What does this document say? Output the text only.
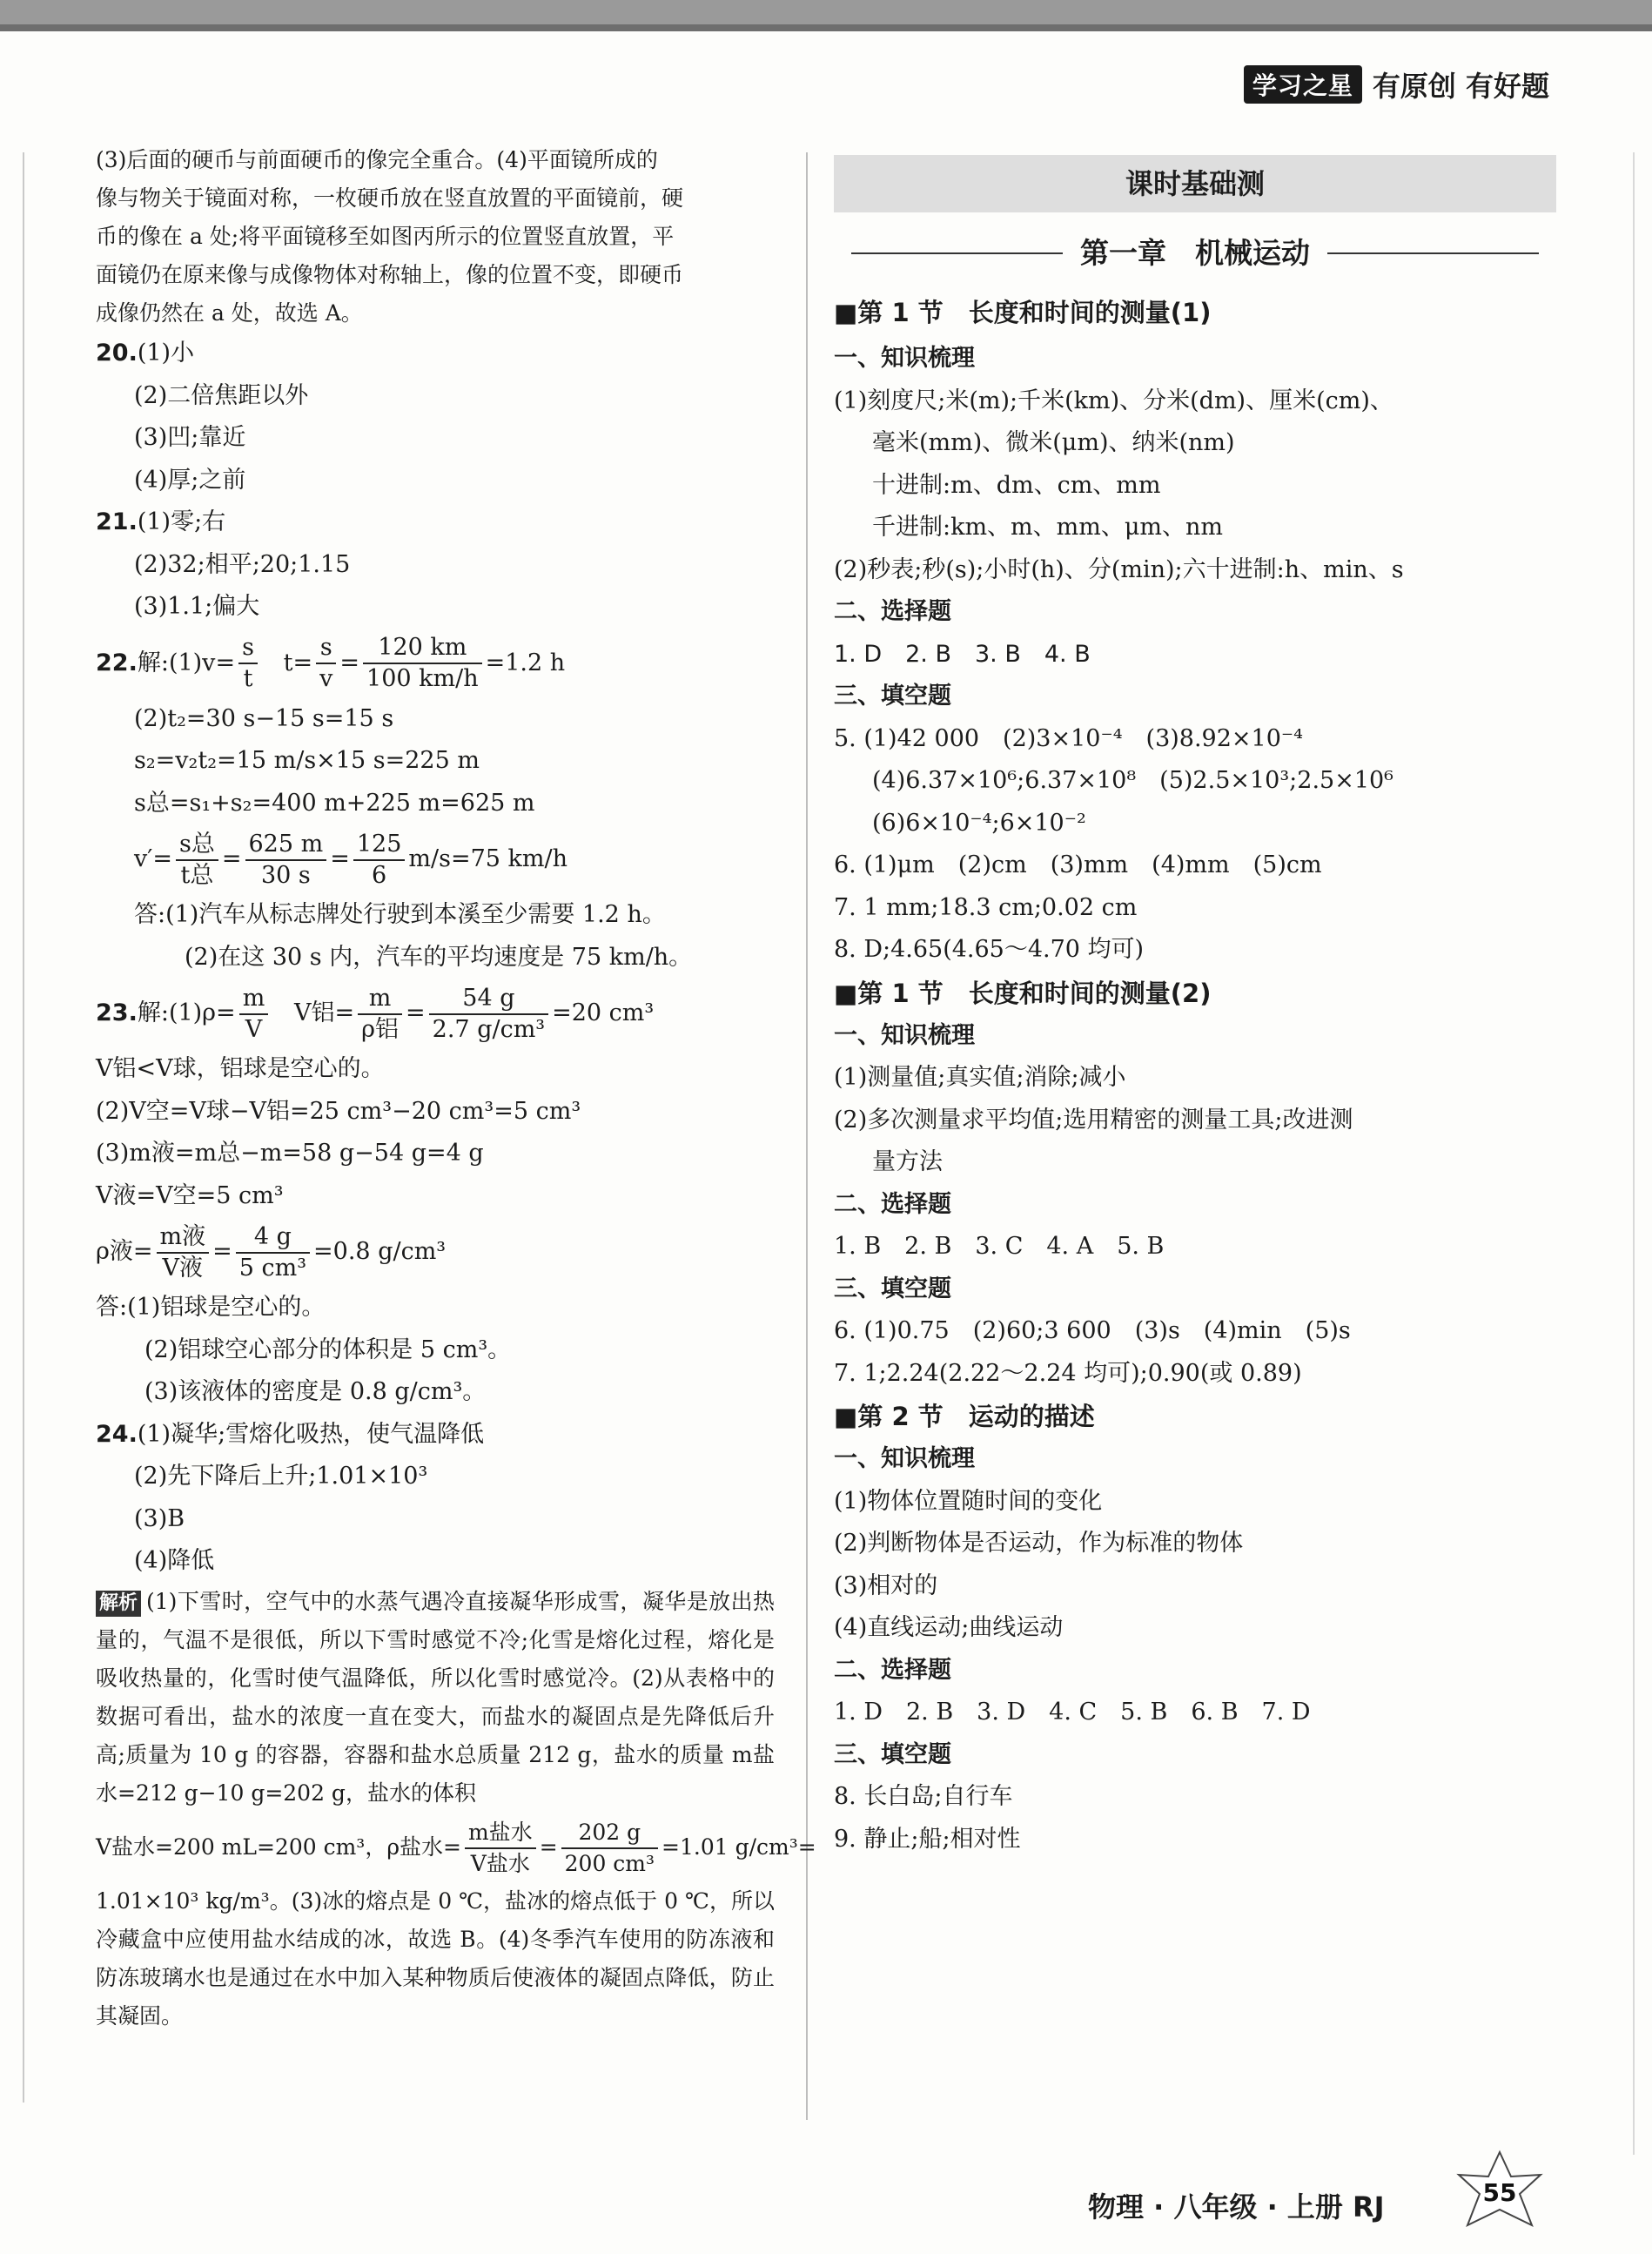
学习之星 有原创 有好题
(3)后面的硬币与前面硬币的像完全重合。(4)平面镜所成的
像与物关于镜面对称，一枚硬币放在竖直放置的平面镜前，硬
币的像在 a 处;将平面镜移至如图丙所示的位置竖直放置，平
面镜仍在原来像与成像物体对称轴上，像的位置不变，即硬币
成像仍然在 a 处，故选 A。
20.(1)小
(2)二倍焦距以外
(3)凹;靠近
(4)厚;之前
21.(1)零;右
(2)32;相平;20;1.15
(3)1.1;偏大
22.解:(1)v= $\frac{s}{t} t= \frac{s}{v} = \frac{120 km}{100 km/h} =1.2$ h
(2)t₂=30 s−15 s=15 s
s₂=v₂t₂=15 m/s×15 s=225 m
s总=s₁+s₂=400 m+225 m=625 m
$v'= \frac{\text{s总}}{\text{t总}} = \frac{625 m}{30 s} = \frac{125}{6} m/s=75$ km/h
答:(1)汽车从标志牌处行驶到本溪至少需要 1.2 h。
(2)在这 30 s 内，汽车的平均速度是 75 km/h。
23.解:(1)ρ= $\frac{m}{V}$ V铝= $\frac{m}{\text{ρ铝}} = \frac{54 g}{\text{2.7 g/cm³}} =20$ cm³
V铝<V球，铝球是空心的。
(2)V空=V球−V铝=25 cm³−20 cm³=5 cm³
(3)m液=m总−m=58 g−54 g=4 g
V液=V空=5 cm³
ρ液= $\frac{\text{m液}}{\text{V液}} = \frac{4 g}{\text{5 cm³}} =0.8$ g/cm³
答:(1)铝球是空心的。
(2)铝球空心部分的体积是 5 cm³。
(3)该液体的密度是 0.8 g/cm³。
24.(1)凝华;雪熔化吸热，使气温降低
(2)先下降后上升;1.01×10³
(3)B
(4)降低
解析 (1)下雪时，空气中的水蒸气遇冷直接凝华形成雪，凝华是放出热量的，气温不是很低，所以下雪时感觉不冷;化雪是熔化过程，熔化是吸收热量的，化雪时使气温降低，所以化雪时感觉冷。(2)从表格中的数据可看出，盐水的浓度一直在变大，而盐水的凝固点是先降低后升高;质量为 10 g 的容器，容器和盐水总质量 212 g，盐水的质量 m盐水=212 g−10 g=202 g，盐水的体积
V盐水=200 mL=200 cm³，ρ盐水= $\frac{\text{m盐水}}{\text{V盐水}} = \frac{202 g}{\text{200 cm³}} =1.01$ g/cm³=
1.01×10³ kg/m³。(3)冰的熔点是 0 ℃，盐冰的熔点低于 0 ℃，所以冷藏盒中应使用盐水结成的冰，故选 B。(4)冬季汽车使用的防冻液和防冻玻璃水也是通过在水中加入某种物质后使液体的凝固点降低，防止其凝固。
课时基础测
第一章　机械运动
■第 1 节　长度和时间的测量(1)
一、知识梳理
(1)刻度尺;米(m);千米(km)、分米(dm)、厘米(cm)、
毫米(mm)、微米(μm)、纳米(nm)
十进制:m、dm、cm、mm
千进制:km、m、mm、μm、nm
(2)秒表;秒(s);小时(h)、分(min);六十进制:h、min、s
二、选择题
1. D　2. B　3. B　4. B
三、填空题
5. (1)42 000　(2)3×10⁻⁴　(3)8.92×10⁻⁴
(4)6.37×10⁶;6.37×10⁸　(5)2.5×10³;2.5×10⁶
(6)6×10⁻⁴;6×10⁻²
6. (1)μm　(2)cm　(3)mm　(4)mm　(5)cm
7. 1 mm;18.3 cm;0.02 cm
8. D;4.65(4.65～4.70 均可)
■第 1 节　长度和时间的测量(2)
一、知识梳理
(1)测量值;真实值;消除;减小
(2)多次测量求平均值;选用精密的测量工具;改进测
量方法
二、选择题
1. B　2. B　3. C　4. A　5. B
三、填空题
6. (1)0.75　(2)60;3 600　(3)s　(4)min　(5)s
7. 1;2.24(2.22～2.24 均可);0.90(或 0.89)
■第 2 节　运动的描述
一、知识梳理
(1)物体位置随时间的变化
(2)判断物体是否运动，作为标准的物体
(3)相对的
(4)直线运动;曲线运动
二、选择题
1. D　2. B　3. D　4. C　5. B　6. B　7. D
三、填空题
8. 长白岛;自行车
9. 静止;船;相对性
物理 · 八年级 · 上册 RJ	55
